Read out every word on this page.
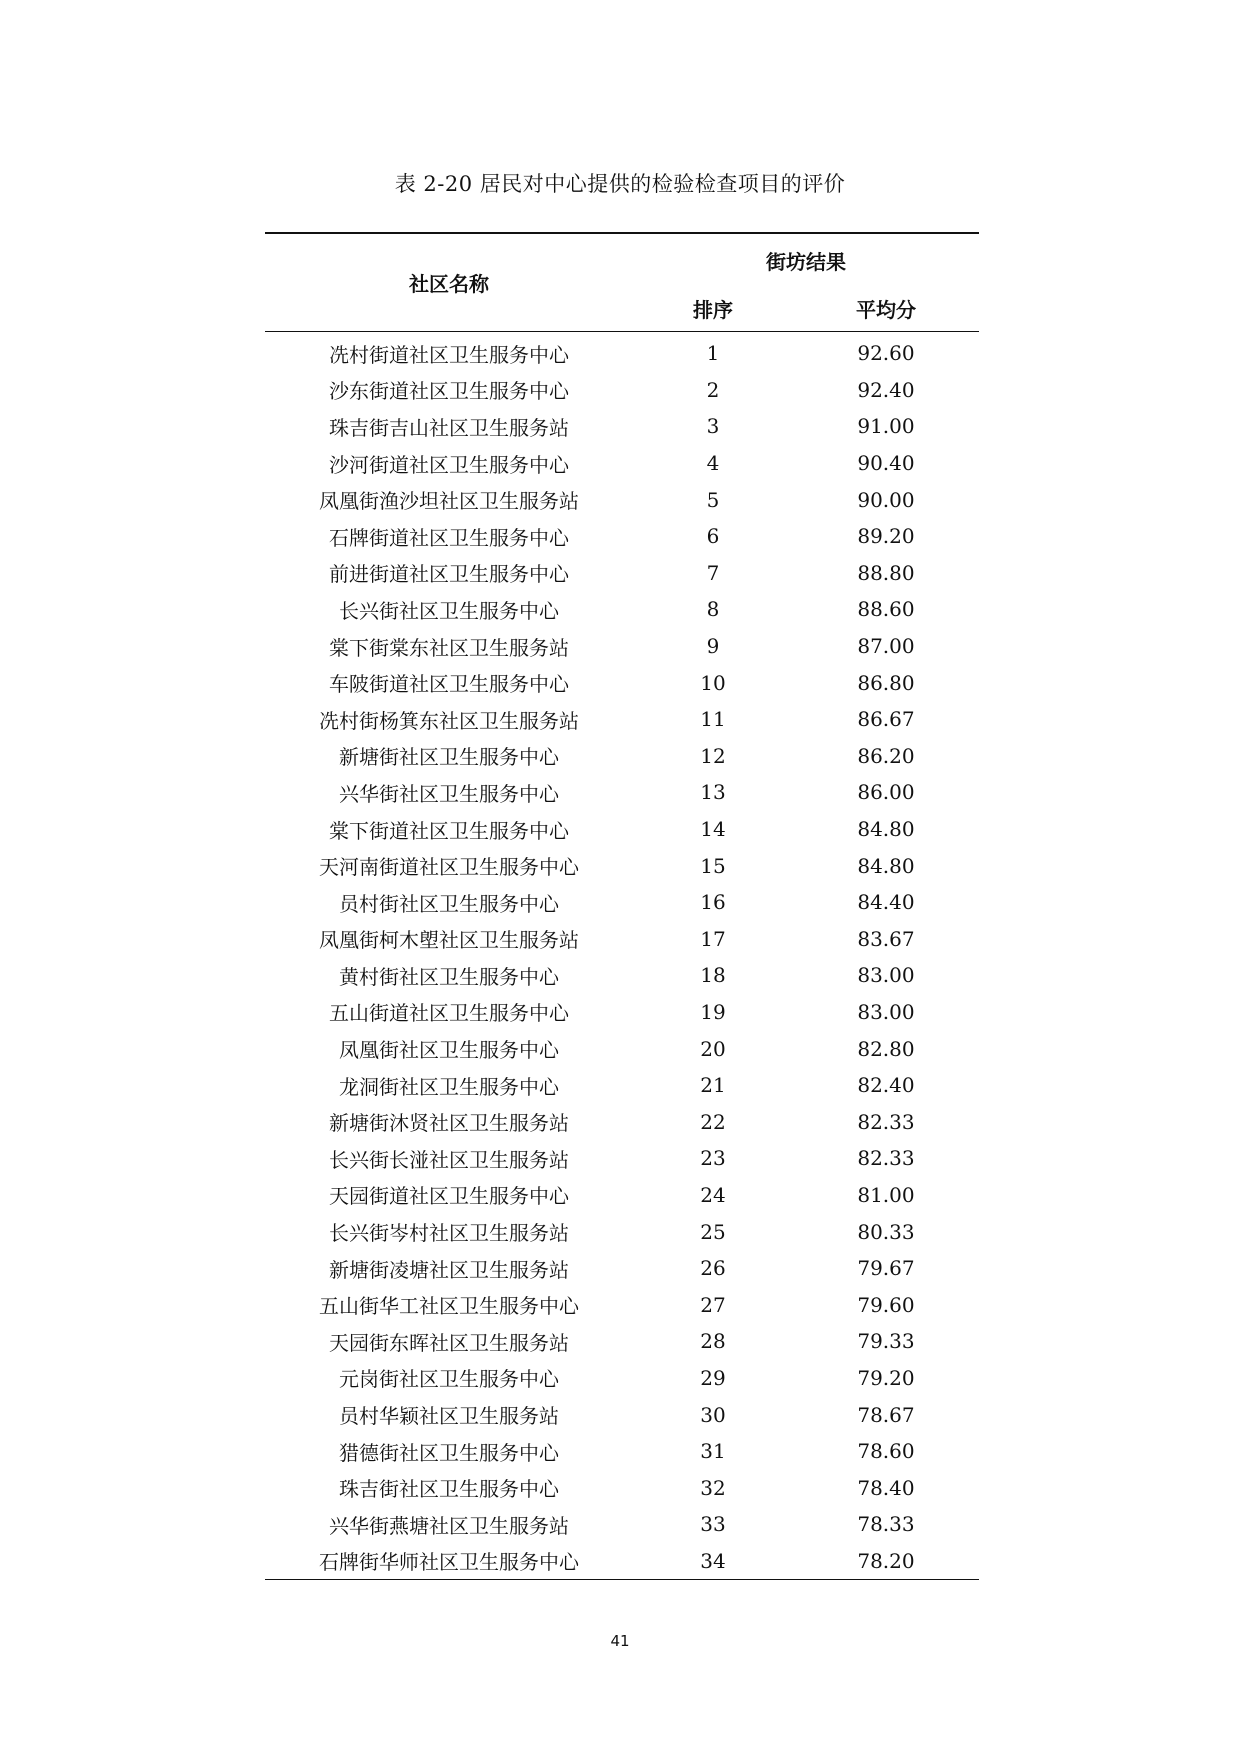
表 2-20 居民对中心提供的检验检查项目的评价
社区名称
街坊结果
排序	平均分
冼村街道社区卫生服务中心	1	92.60
沙东街道社区卫生服务中心	2	92.40
珠吉街吉山社区卫生服务站	3	91.00
沙河街道社区卫生服务中心	4	90.40
凤凰街渔沙坦社区卫生服务站	5	90.00
石牌街道社区卫生服务中心	6	89.20
前进街道社区卫生服务中心	7	88.80
长兴街社区卫生服务中心	8	88.60
棠下街棠东社区卫生服务站	9	87.00
车陂街道社区卫生服务中心	10	86.80
冼村街杨箕东社区卫生服务站	11	86.67
新塘街社区卫生服务中心	12	86.20
兴华街社区卫生服务中心	13	86.00
棠下街道社区卫生服务中心	14	84.80
天河南街道社区卫生服务中心	15	84.80
员村街社区卫生服务中心	16	84.40
凤凰街柯木塱社区卫生服务站	17	83.67
黄村街社区卫生服务中心	18	83.00
五山街道社区卫生服务中心	19	83.00
凤凰街社区卫生服务中心	20	82.80
龙洞街社区卫生服务中心	21	82.40
新塘街沐贤社区卫生服务站	22	82.33
长兴街长湴社区卫生服务站	23	82.33
天园街道社区卫生服务中心	24	81.00
长兴街岑村社区卫生服务站	25	80.33
新塘街凌塘社区卫生服务站	26	79.67
五山街华工社区卫生服务中心	27	79.60
天园街东晖社区卫生服务站	28	79.33
元岗街社区卫生服务中心	29	79.20
员村华颖社区卫生服务站	30	78.67
猎德街社区卫生服务中心	31	78.60
珠吉街社区卫生服务中心	32	78.40
兴华街燕塘社区卫生服务站	33	78.33
石牌街华师社区卫生服务中心	34	78.20
41
